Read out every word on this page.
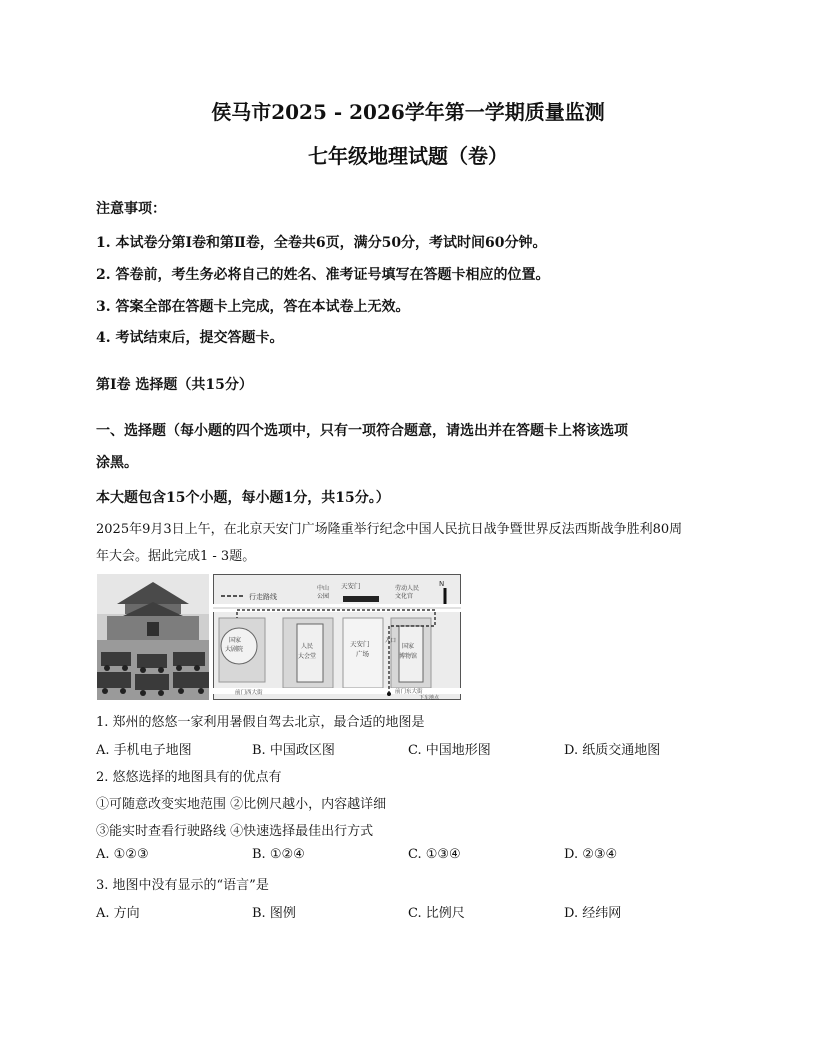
侯马市2025 - 2026学年第一学期质量监测
七年级地理试题（卷）
注意事项：
1. 本试卷分第Ⅰ卷和第Ⅱ卷，全卷共6页，满分50分，考试时间60分钟。
2. 答卷前，考生务必将自己的姓名、准考证号填写在答题卡相应的位置。
3. 答案全部在答题卡上完成，答在本试卷上无效。
4. 考试结束后，提交答题卡。
第Ⅰ卷 选择题（共15分）
一、选择题（每小题的四个选项中，只有一项符合题意，请选出并在答题卡上将该选项
涂黑。
本大题包含15个小题，每小题1分，共15分。）
2025年9月3日上午，在北京天安门广场隆重举行纪念中国人民抗日战争暨世界反法西斯战争胜利80周
年大会。据此完成1 - 3题。
行走路线
N
中山
公园
天安门	劳动人民
文化宫
国家
大剧院	人民
大会堂
天安门
广场
国家
博物馆
入口
前门西大街	前门东大街
下车地点
1. 郑州的悠悠一家利用暑假自驾去北京，最合适的地图是
A. 手机电子地图	B. 中国政区图	C. 中国地形图	D. 纸质交通地图
2. 悠悠选择的地图具有的优点有
①可随意改变实地范围 ②比例尺越小，内容越详细
③能实时查看行驶路线 ④快速选择最佳出行方式
A. ①②③	B. ①②④	C. ①③④	D. ②③④
3. 地图中没有显示的“语言”是
A. 方向	B. 图例	C. 比例尺	D. 经纬网
